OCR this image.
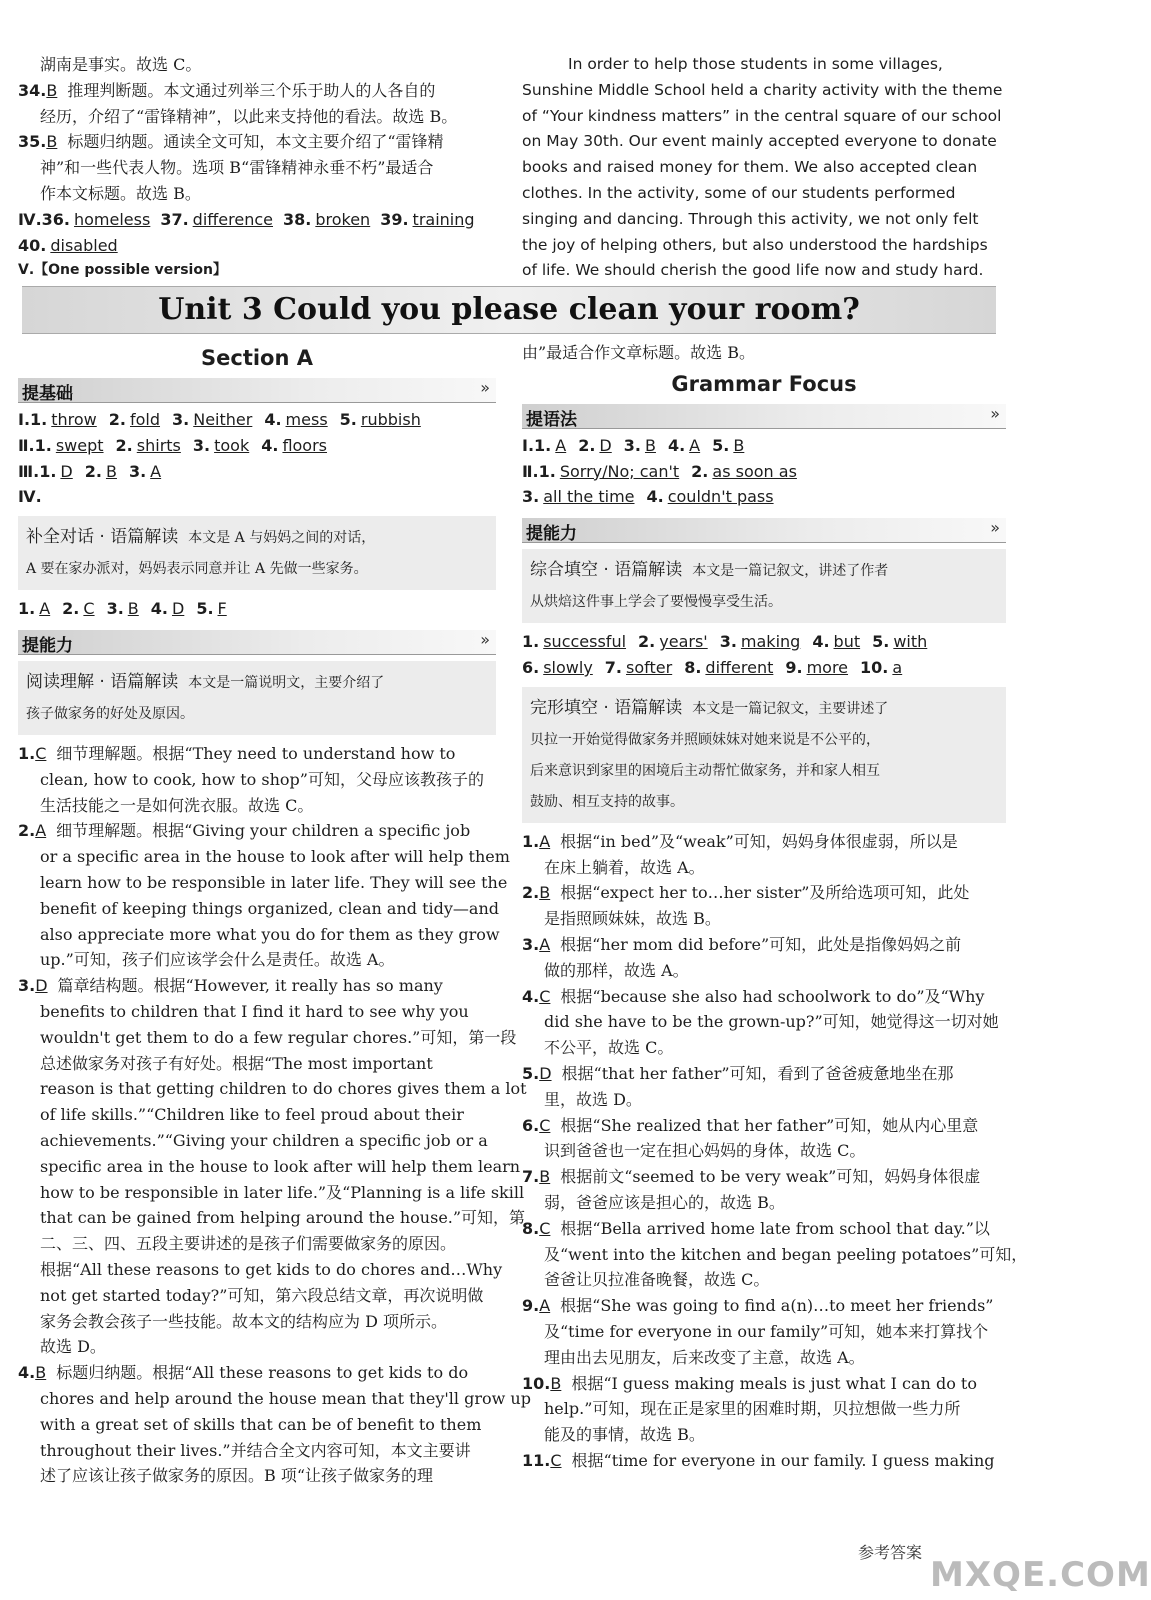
湖南是事实。故选 C。
34.B 推理判断题。本文通过列举三个乐于助人的人各自的
经历，介绍了“雷锋精神”，以此来支持他的看法。故选 B。
35.B 标题归纳题。通读全文可知，本文主要介绍了“雷锋精
神”和一些代表人物。选项 B“雷锋精神永垂不朽”最适合
作本文标题。故选 B。
Ⅳ.36. homeless 37. difference 38. broken 39. training
40. disabled
Ⅴ.【One possible version】
In order to help those students in some villages,
Sunshine Middle School held a charity activity with the theme
of “Your kindness matters” in the central square of our school
on May 30th. Our event mainly accepted everyone to donate
books and raised money for them. We also accepted clean
clothes. In the activity, some of our students performed
singing and dancing. Through this activity, we not only felt
the joy of helping others, but also understood the hardships
of life. We should cherish the good life now and study hard.
Unit 3 Could you please clean your room?
Section A
提基础	»
Ⅰ.1. throw 2. fold 3. Neither 4. mess 5. rubbish
Ⅱ.1. swept 2. shirts 3. took 4. floors
Ⅲ.1. D 2. B 3. A
Ⅳ.
补全对话 · 语篇解读 本文是 A 与妈妈之间的对话，
A 要在家办派对，妈妈表示同意并让 A 先做一些家务。
1. A 2. C 3. B 4. D 5. F
提能力	»
阅读理解 · 语篇解读 本文是一篇说明文，主要介绍了
孩子做家务的好处及原因。
1.C 细节理解题。根据“They need to understand how to
clean, how to cook, how to shop”可知，父母应该教孩子的
生活技能之一是如何洗衣服。故选 C。
2.A 细节理解题。根据“Giving your children a specific job
or a specific area in the house to look after will help them
learn how to be responsible in later life. They will see the
benefit of keeping things organized, clean and tidy—and
also appreciate more what you do for them as they grow
up.”可知，孩子们应该学会什么是责任。故选 A。
3.D 篇章结构题。根据“However, it really has so many
benefits to children that I find it hard to see why you
wouldn't get them to do a few regular chores.”可知，第一段
总述做家务对孩子有好处。根据“The most important
reason is that getting children to do chores gives them a lot
of life skills.”“Children like to feel proud about their
achievements.”“Giving your children a specific job or a
specific area in the house to look after will help them learn
how to be responsible in later life.”及“Planning is a life skill
that can be gained from helping around the house.”可知，第
二、三、四、五段主要讲述的是孩子们需要做家务的原因。
根据“All these reasons to get kids to do chores and…Why
not get started today?”可知，第六段总结文章，再次说明做
家务会教会孩子一些技能。故本文的结构应为 D 项所示。
故选 D。
4.B 标题归纳题。根据“All these reasons to get kids to do
chores and help around the house mean that they'll grow up
with a great set of skills that can be of benefit to them
throughout their lives.”并结合全文内容可知，本文主要讲
述了应该让孩子做家务的原因。B 项“让孩子做家务的理
由”最适合作文章标题。故选 B。
Grammar Focus
提语法	»
Ⅰ.1. A 2. D 3. B 4. A 5. B
Ⅱ.1. Sorry/No; can't 2. as soon as
3. all the time 4. couldn't pass
提能力	»
综合填空 · 语篇解读 本文是一篇记叙文，讲述了作者
从烘焙这件事上学会了要慢慢享受生活。
1. successful 2. years' 3. making 4. but 5. with
6. slowly 7. softer 8. different 9. more 10. a
完形填空 · 语篇解读 本文是一篇记叙文，主要讲述了
贝拉一开始觉得做家务并照顾妹妹对她来说是不公平的，
后来意识到家里的困境后主动帮忙做家务，并和家人相互
鼓励、相互支持的故事。
1.A 根据“in bed”及“weak”可知，妈妈身体很虚弱，所以是
在床上躺着，故选 A。
2.B 根据“expect her to…her sister”及所给选项可知，此处
是指照顾妹妹，故选 B。
3.A 根据“her mom did before”可知，此处是指像妈妈之前
做的那样，故选 A。
4.C 根据“because she also had schoolwork to do”及“Why
did she have to be the grown-up?”可知，她觉得这一切对她
不公平，故选 C。
5.D 根据“that her father”可知，看到了爸爸疲惫地坐在那
里，故选 D。
6.C 根据“She realized that her father”可知，她从内心里意
识到爸爸也一定在担心妈妈的身体，故选 C。
7.B 根据前文“seemed to be very weak”可知，妈妈身体很虚
弱，爸爸应该是担心的，故选 B。
8.C 根据“Bella arrived home late from school that day.”以
及“went into the kitchen and began peeling potatoes”可知，
爸爸让贝拉准备晚餐，故选 C。
9.A 根据“She was going to find a(n)…to meet her friends”
及“time for everyone in our family”可知，她本来打算找个
理由出去见朋友，后来改变了主意，故选 A。
10.B 根据“I guess making meals is just what I can do to
help.”可知，现在正是家里的困难时期，贝拉想做一些力所
能及的事情，故选 B。
11.C 根据“time for everyone in our family. I guess making
参考答案
MXQE.COM
